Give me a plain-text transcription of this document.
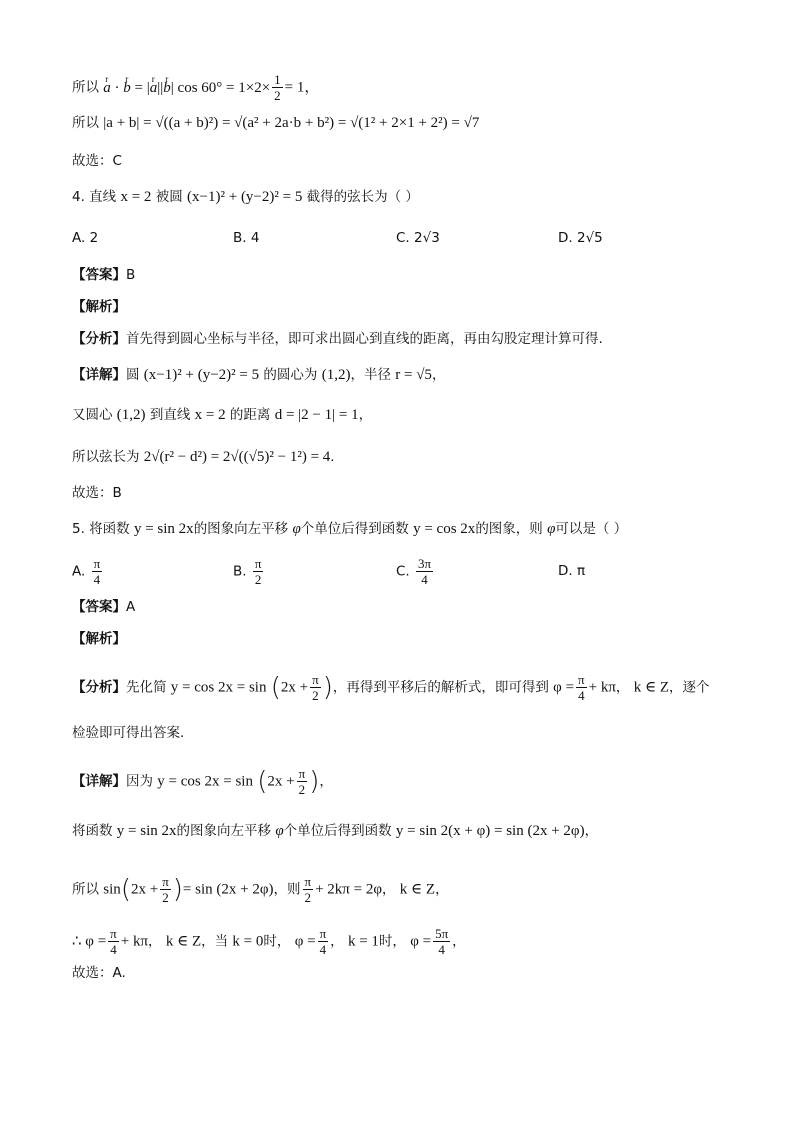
所以 r a · r b = |r a||r b| $\cos 60^\circ = 1\times 2\times \frac{1}{2} = 1$，
所以 |a + b| = √((a + b)²) = √(a² + 2a·b + b²) = √(1² + 2×1 + 2²) = √7
故选：C
4. 直线 x = 2 被圆 (x−1)² + (y−2)² = 5 截得的弦长为（ ）
A. 2	B. 4	C. 2√3	D. 2√5
【答案】B
【解析】
【分析】首先得到圆心坐标与半径，即可求出圆心到直线的距离，再由勾股定理计算可得.
【详解】圆 (x−1)² + (y−2)² = 5 的圆心为 (1,2)，半径 r = √5，
又圆心 (1,2) 到直线 x = 2 的距离 d = |2 − 1| = 1，
所以弦长为 2√(r² − d²) = 2√((√5)² − 1²) = 4.
故选：B
5. 将函数 y = sin 2x的图象向左平移 φ个单位后得到函数 y = cos 2x的图象，则 φ可以是（ ）
A. $\frac{\pi}{4}$	B. $\frac{\pi}{2}$	C. $\frac{3\pi}{4}$	D. π
【答案】A
【解析】
【分析】先化简 $y = \cos 2x = \sin (2x + \frac{\pi}{2}$ )，再得到平移后的解析式，即可得到 $\varphi = \frac{\pi}{4} + k\pi$， k ∈ Z，逐个
检验即可得出答案.
【详解】因为 $y = \cos 2x = \sin (2x + \frac{\pi}{2}$ )，
将函数 y = sin 2x的图象向左平移 φ个单位后得到函数 y = sin 2(x + φ) = sin (2x + 2φ)，
所以 $\sin(2x + \frac{\pi}{2}$ )= sin (2x + 2φ)，则 $\frac{\pi}{2} + 2k\pi = 2\varphi$， k ∈ Z，
∴ $\varphi = \frac{\pi}{4} + k\pi$， k ∈ Z，当 k = 0时， $\varphi = \frac{\pi}{4}$ ， k = 1时， $\varphi = \frac{5\pi}{4}$ ，
故选：A.
